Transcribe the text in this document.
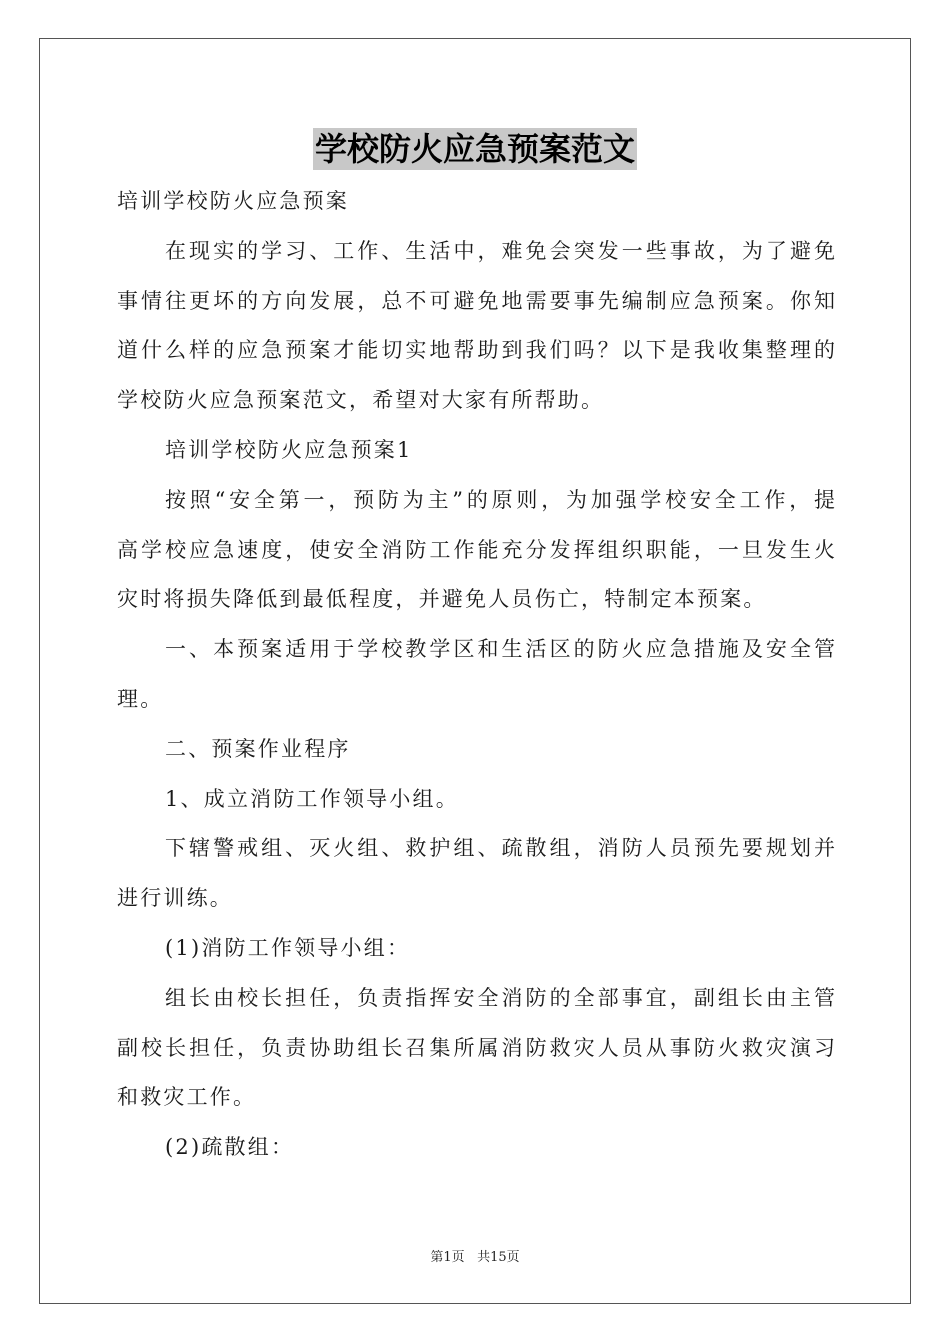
学校防火应急预案范文
培训学校防火应急预案
在现实的学习、工作、生活中，难免会突发一些事故，为了避免
事情往更坏的方向发展，总不可避免地需要事先编制应急预案。你知
道什么样的应急预案才能切实地帮助到我们吗？以下是我收集整理的
学校防火应急预案范文，希望对大家有所帮助。
培训学校防火应急预案1
按照“安全第一，预防为主”的原则，为加强学校安全工作，提
高学校应急速度，使安全消防工作能充分发挥组织职能，一旦发生火
灾时将损失降低到最低程度，并避免人员伤亡，特制定本预案。
一、本预案适用于学校教学区和生活区的防火应急措施及安全管
理。
二、预案作业程序
1、成立消防工作领导小组。
下辖警戒组、灭火组、救护组、疏散组，消防人员预先要规划并
进行训练。
(1)消防工作领导小组：
组长由校长担任，负责指挥安全消防的全部事宜，副组长由主管
副校长担任，负责协助组长召集所属消防救灾人员从事防火救灾演习
和救灾工作。
(2)疏散组：
第1页 共15页
